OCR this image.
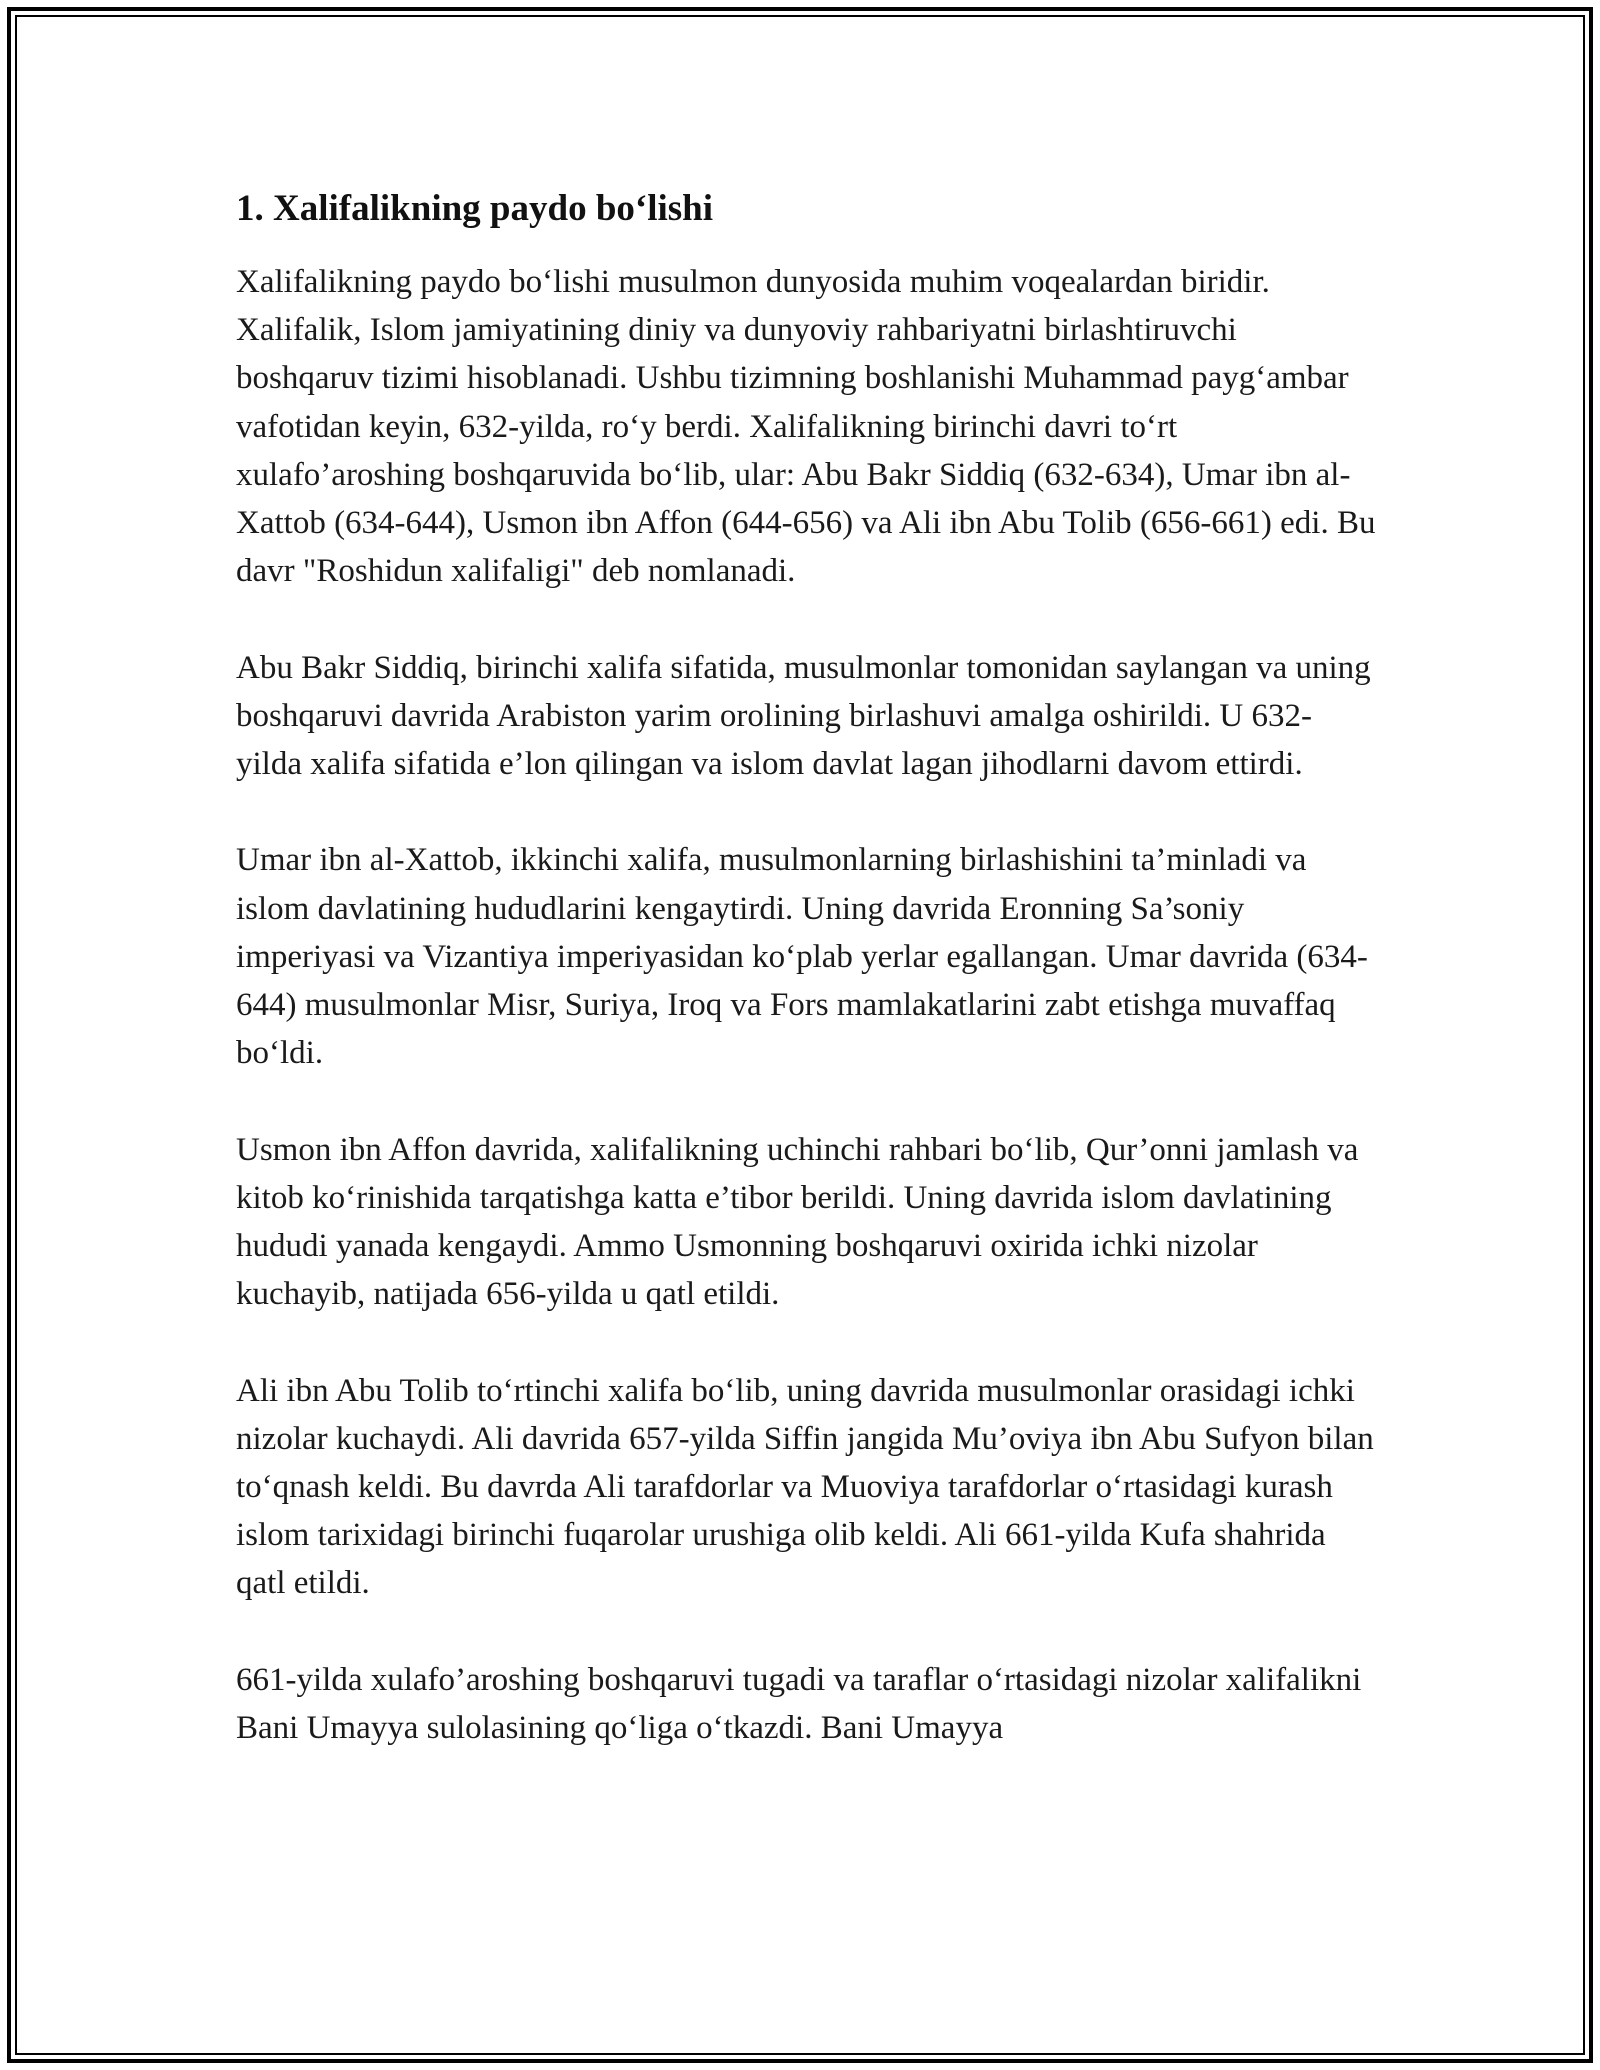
1. Xalifalikning paydo bo‘lishi

Xalifalikning paydo bo‘lishi musulmon dunyosida muhim voqealardan biridir. Xalifalik, Islom jamiyatining diniy va dunyoviy rahbariyatni birlashtiruvchi boshqaruv tizimi hisoblanadi. Ushbu tizimning boshlanishi Muhammad payg‘ambar vafotidan keyin, 632-yilda, ro‘y berdi. Xalifalikning birinchi davri to‘rt xulafo’aroshing boshqaruvida bo‘lib, ular: Abu Bakr Siddiq (632-634), Umar ibn al-Xattob (634-644), Usmon ibn Affon (644-656) va Ali ibn Abu Tolib (656-661) edi. Bu davr "Roshidun xalifaligi" deb nomlanadi.

Abu Bakr Siddiq, birinchi xalifa sifatida, musulmonlar tomonidan saylangan va uning boshqaruvi davrida Arabiston yarim orolining birlashuvi amalga oshirildi. U 632-yilda xalifa sifatida e’lon qilingan va islom davlat lagan jihodlarni davom ettirdi.

Umar ibn al-Xattob, ikkinchi xalifa, musulmonlarning birlashishini ta’minladi va islom davlatining hududlarini kengaytirdi. Uning davrida Eronning Sa’soniy imperiyasi va Vizantiya imperiyasidan ko‘plab yerlar egallangan. Umar davrida (634-644) musulmonlar Misr, Suriya, Iroq va Fors mamlakatlarini zabt etishga muvaffaq bo‘ldi.

Usmon ibn Affon davrida, xalifalikning uchinchi rahbari bo‘lib, Qur’onni jamlash va kitob ko‘rinishida tarqatishga katta e’tibor berildi. Uning davrida islom davlatining hududi yanada kengaydi. Ammo Usmonning boshqaruvi oxirida ichki nizolar kuchayib, natijada 656-yilda u qatl etildi.

Ali ibn Abu Tolib to‘rtinchi xalifa bo‘lib, uning davrida musulmonlar orasidagi ichki nizolar kuchaydi. Ali davrida 657-yilda Siffin jangida Mu’oviya ibn Abu Sufyon bilan to‘qnash keldi. Bu davrda Ali tarafdorlar va Muoviya tarafdorlar o‘rtasidagi kurash islom tarixidagi birinchi fuqarolar urushiga olib keldi. Ali 661-yilda Kufa shahrida qatl etildi.

661-yilda xulafo’aroshing boshqaruvi tugadi va taraflar o‘rtasidagi nizolar xalifalikni Bani Umayya sulolasining qo‘liga o‘tkazdi. Bani Umayya
